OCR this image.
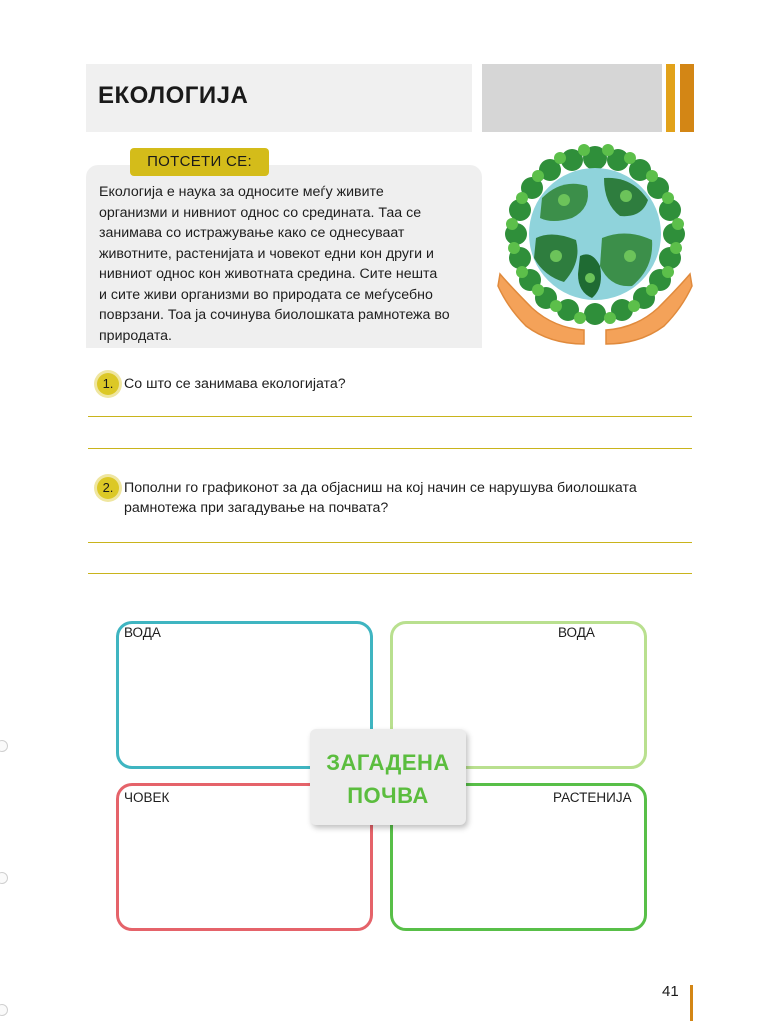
ЕКОЛОГИЈА
ПОТСЕТИ СЕ:
Екологија е наука за односите меѓу живите
организми и нивниот однос со средината. Таа се
занимава со истражување како се однесуваат
животните, растенијата и човекот едни кон други и
нивниот однос кон животната средина. Сите нешта
и сите живи организми во природата се меѓусебно
поврзани. Тоа ја сочинува биолошката рамнотежа во
природата.
1. Со што се занимава екологијата?
2. Пополни го графиконот за да објасниш на кој начин се нарушува биолошката
рамнотежа при загадување на почвата?
ВОДА	ВОДА
ЧОВЕК	РАСТЕНИЈА
ЗАГАДЕНА
ПОЧВА
41
